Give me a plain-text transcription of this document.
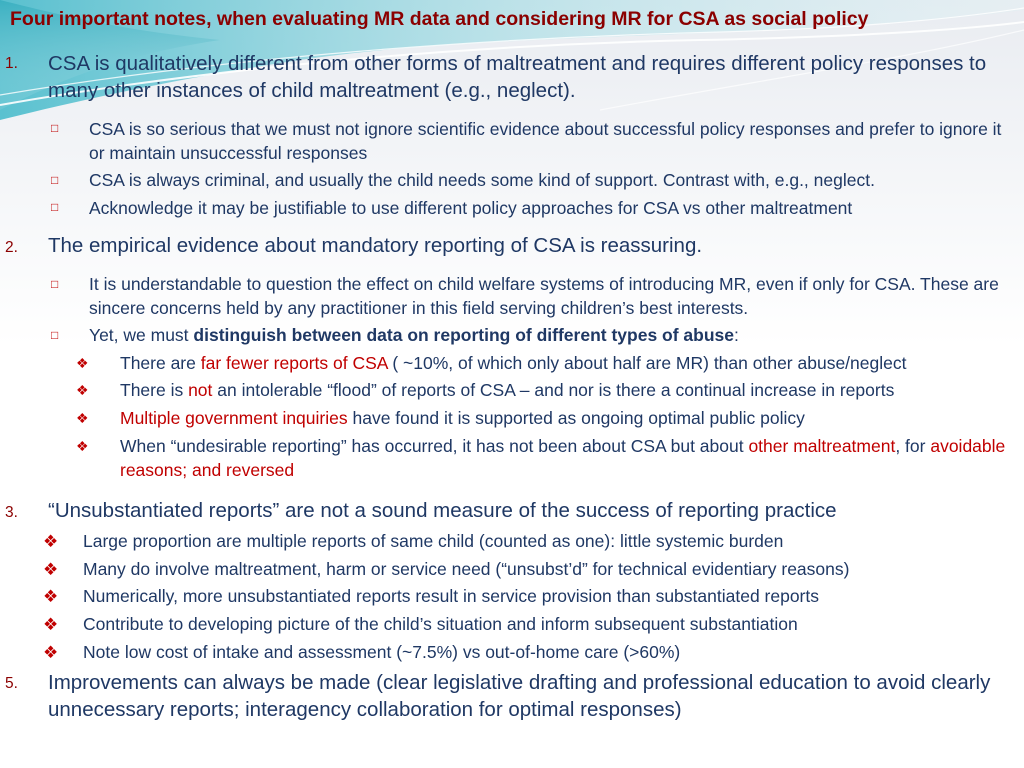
Four important notes, when evaluating MR data and considering MR for CSA as social policy
1. CSA is qualitatively different from other forms of maltreatment and requires different policy responses to many other instances of child maltreatment (e.g., neglect).
□ CSA is so serious that we must not ignore scientific evidence about successful policy responses and prefer to ignore it or maintain unsuccessful responses
□ CSA is always criminal, and usually the child needs some kind of support. Contrast with, e.g., neglect.
□ Acknowledge it may be justifiable to use different policy approaches for CSA vs other maltreatment
2. The empirical evidence about mandatory reporting of CSA is reassuring.
□ It is understandable to question the effect on child welfare systems of introducing MR, even if only for CSA. These are sincere concerns held by any practitioner in this field serving children’s best interests.
□ Yet, we must distinguish between data on reporting of different types of abuse:
❖ There are far fewer reports of CSA ( ~10%, of which only about half are MR) than other abuse/neglect
❖ There is not an intolerable “flood” of reports of CSA – and nor is there a continual increase in reports
❖ Multiple government inquiries have found it is supported as ongoing optimal public policy
❖ When “undesirable reporting” has occurred, it has not been about CSA but about other maltreatment, for avoidable reasons; and reversed
3. “Unsubstantiated reports” are not a sound measure of the success of reporting practice
❖ Large proportion are multiple reports of same child (counted as one): little systemic burden
❖ Many do involve maltreatment, harm or service need (“unsubst’d” for technical evidentiary reasons)
❖ Numerically, more unsubstantiated reports result in service provision than substantiated reports
❖ Contribute to developing picture of the child’s situation and inform subsequent substantiation
❖ Note low cost of intake and assessment (~7.5%) vs out-of-home care (>60%)
5. Improvements can always be made (clear legislative drafting and professional education to avoid clearly unnecessary reports; interagency collaboration for optimal responses)
